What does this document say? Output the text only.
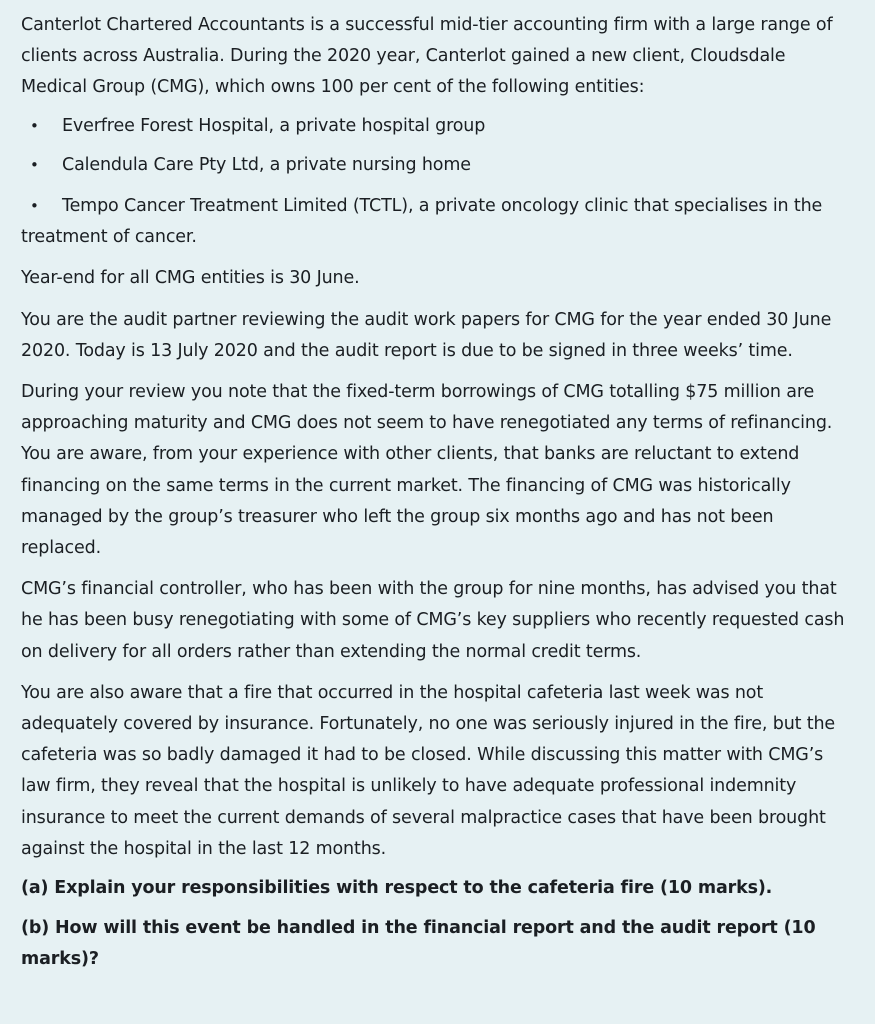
Canterlot Chartered Accountants is a successful mid-tier accounting firm with a large range of clients across Australia. During the 2020 year, Canterlot gained a new client, Cloudsdale Medical Group (CMG), which owns 100 per cent of the following entities:

• Everfree Forest Hospital, a private hospital group

• Calendula Care Pty Ltd, a private nursing home

• Tempo Cancer Treatment Limited (TCTL), a private oncology clinic that specialises in the treatment of cancer.

Year-end for all CMG entities is 30 June.

You are the audit partner reviewing the audit work papers for CMG for the year ended 30 June 2020. Today is 13 July 2020 and the audit report is due to be signed in three weeks’ time.

During your review you note that the fixed-term borrowings of CMG totalling $75 million are approaching maturity and CMG does not seem to have renegotiated any terms of refinancing. You are aware, from your experience with other clients, that banks are reluctant to extend financing on the same terms in the current market. The financing of CMG was historically managed by the group’s treasurer who left the group six months ago and has not been replaced.

CMG’s financial controller, who has been with the group for nine months, has advised you that he has been busy renegotiating with some of CMG’s key suppliers who recently requested cash on delivery for all orders rather than extending the normal credit terms.

You are also aware that a fire that occurred in the hospital cafeteria last week was not adequately covered by insurance. Fortunately, no one was seriously injured in the fire, but the cafeteria was so badly damaged it had to be closed. While discussing this matter with CMG’s law firm, they reveal that the hospital is unlikely to have adequate professional indemnity insurance to meet the current demands of several malpractice cases that have been brought against the hospital in the last 12 months.

(a) Explain your responsibilities with respect to the cafeteria fire (10 marks).

(b) How will this event be handled in the financial report and the audit report (10 marks)?
